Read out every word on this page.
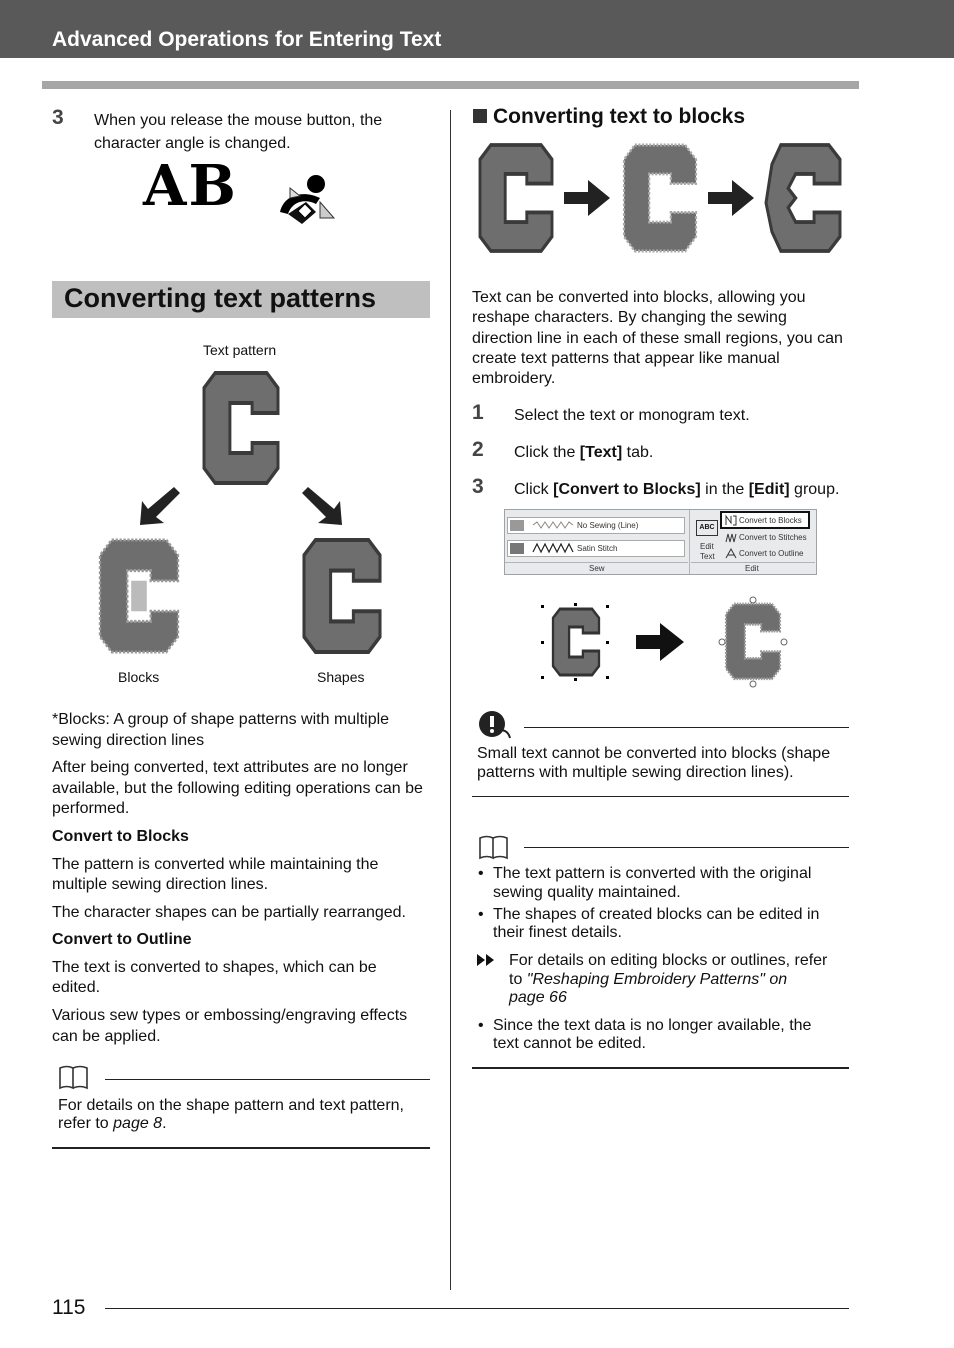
Advanced Operations for Entering Text
3 When you release the mouse button, the
character angle is changed.
AB
Converting text patterns
Text pattern
Blocks	Shapes
*Blocks: A group of shape patterns with multiple
sewing direction lines
After being converted, text attributes are no longer
available, but the following editing operations can be
performed.
Convert to Blocks
The pattern is converted while maintaining the
multiple sewing direction lines.
The character shapes can be partially rearranged.
Convert to Outline
The text is converted to shapes, which can be
edited.
Various sew types or embossing/engraving effects
can be applied.
For details on the shape pattern and text pattern,
refer to page 8.
Converting text to blocks
Text can be converted into blocks, allowing you
reshape characters. By changing the sewing
direction line in each of these small regions, you can
create text patterns that appear like manual
embroidery.
1 Select the text or monogram text.
2 Click the [Text] tab.
3 Click [Convert to Blocks] in the [Edit] group.
No Sewing (Line)
Satin Stitch
Sew
ABC
Edit
Text
Convert to Blocks
Convert to Stitches
Convert to Outline
Edit
Small text cannot be converted into blocks (shape
patterns with multiple sewing direction lines).
• The text pattern is converted with the original
sewing quality maintained.
• The shapes of created blocks can be edited in
their finest details.
For details on editing blocks or outlines, refer
to "Reshaping Embroidery Patterns" on
page 66
• Since the text data is no longer available, the
text cannot be edited.
115
